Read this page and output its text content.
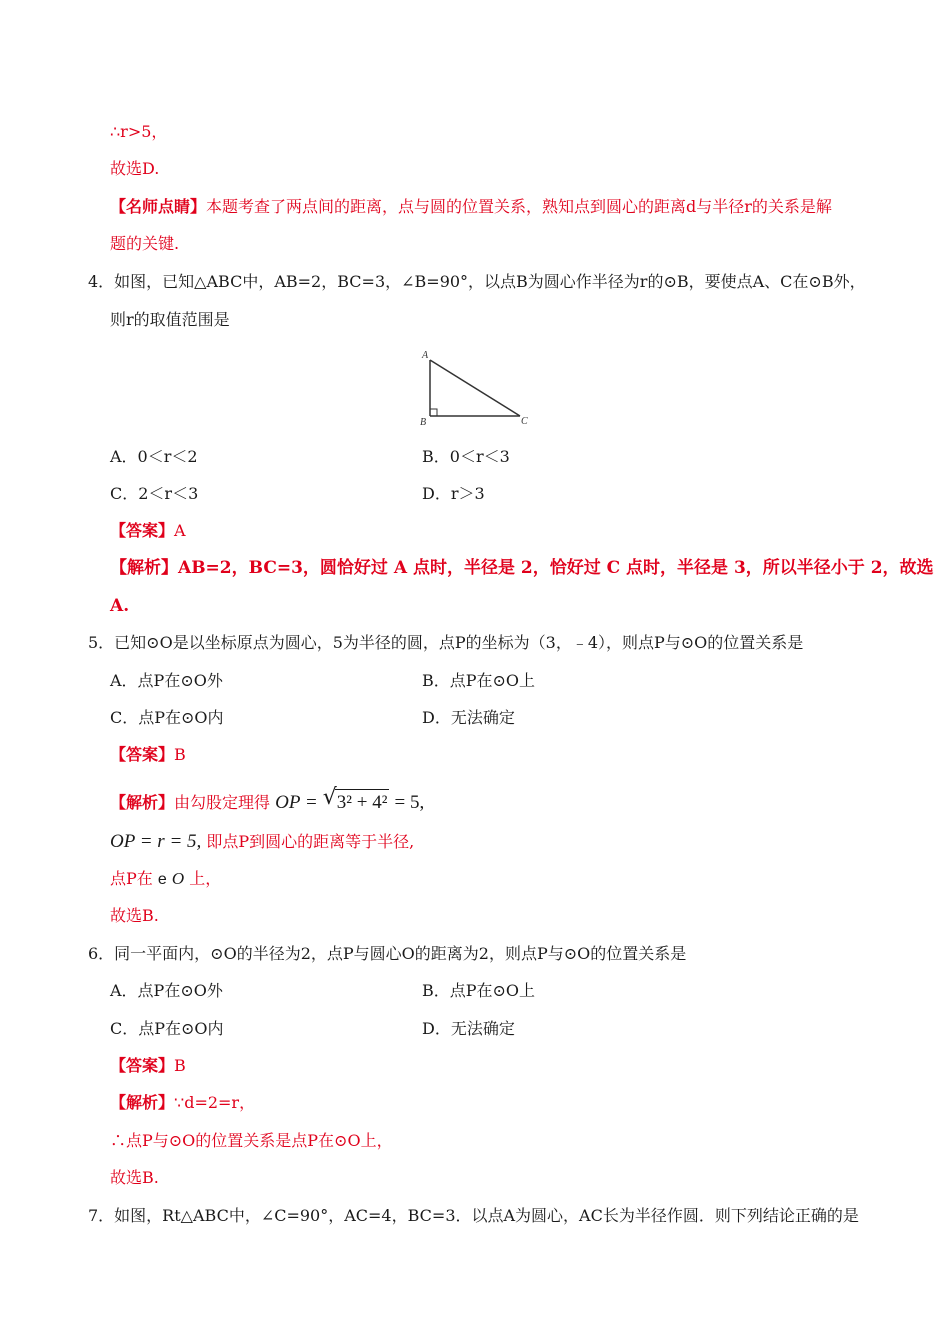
∴r>5，
故选D.
【名师点睛】本题考查了两点间的距离，点与圆的位置关系，熟知点到圆心的距离d与半径r的关系是解
题的关键.
4．如图，已知△ABC中，AB=2，BC=3，∠B=90°，以点B为圆心作半径为r的⊙B，要使点A、C在⊙B外，
则r的取值范围是
A
B	C
A．0＜r＜2	B．0＜r＜3
C．2＜r＜3	D．r＞3
【答案】A
【解析】AB=2，BC=3，圆恰好过 A 点时，半径是 2，恰好过 C 点时，半径是 3，所以半径小于 2，故选
A.
5．已知⊙O是以坐标原点为圆心，5为半径的圆，点P的坐标为（3，﹣4），则点P与⊙O的位置关系是
A．点P在⊙O外	B．点P在⊙O上
C．点P在⊙O内	D．无法确定
【答案】B
【解析】由勾股定理得 OP = √ 3² + 4² = 5,
OP = r = 5, 即点P到圆心的距离等于半径,
点P在 e O 上，
故选B.
6．同一平面内，⊙O的半径为2，点P与圆心O的距离为2，则点P与⊙O的位置关系是
A．点P在⊙O外	B．点P在⊙O上
C．点P在⊙O内	D．无法确定
【答案】B
【解析】∵d=2=r，
∴点P与⊙O的位置关系是点P在⊙O上，
故选B.
7．如图，Rt△ABC中，∠C=90°，AC=4，BC=3．以点A为圆心，AC长为半径作圆．则下列结论正确的是
